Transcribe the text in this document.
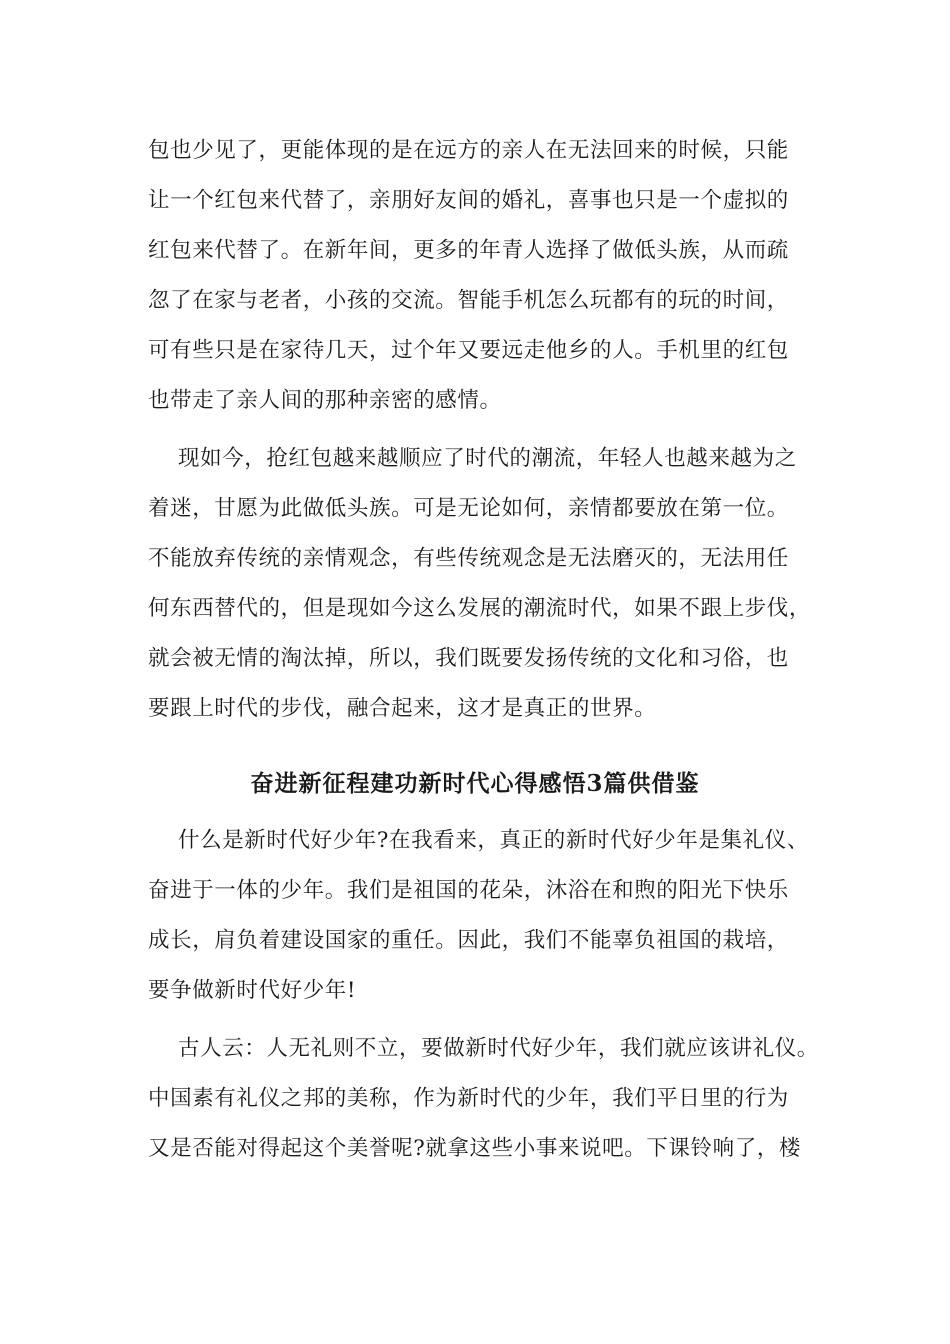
包也少见了，更能体现的是在远方的亲人在无法回来的时候，只能
让一个红包来代替了，亲朋好友间的婚礼，喜事也只是一个虚拟的
红包来代替了。在新年间，更多的年青人选择了做低头族，从而疏
忽了在家与老者，小孩的交流。智能手机怎么玩都有的玩的时间，
可有些只是在家待几天，过个年又要远走他乡的人。手机里的红包
也带走了亲人间的那种亲密的感情。
现如今，抢红包越来越顺应了时代的潮流，年轻人也越来越为之
着迷，甘愿为此做低头族。可是无论如何，亲情都要放在第一位。
不能放弃传统的亲情观念，有些传统观念是无法磨灭的，无法用任
何东西替代的，但是现如今这么发展的潮流时代，如果不跟上步伐，
就会被无情的淘汰掉，所以，我们既要发扬传统的文化和习俗，也
要跟上时代的步伐，融合起来，这才是真正的世界。
奋进新征程建功新时代心得感悟3篇供借鉴
什么是新时代好少年?在我看来，真正的新时代好少年是集礼仪、
奋进于一体的少年。我们是祖国的花朵，沐浴在和煦的阳光下快乐
成长，肩负着建设国家的重任。因此，我们不能辜负祖国的栽培，
要争做新时代好少年!
古人云：人无礼则不立，要做新时代好少年，我们就应该讲礼仪。
中国素有礼仪之邦的美称，作为新时代的少年，我们平日里的行为
又是否能对得起这个美誉呢?就拿这些小事来说吧。下课铃响了，楼
